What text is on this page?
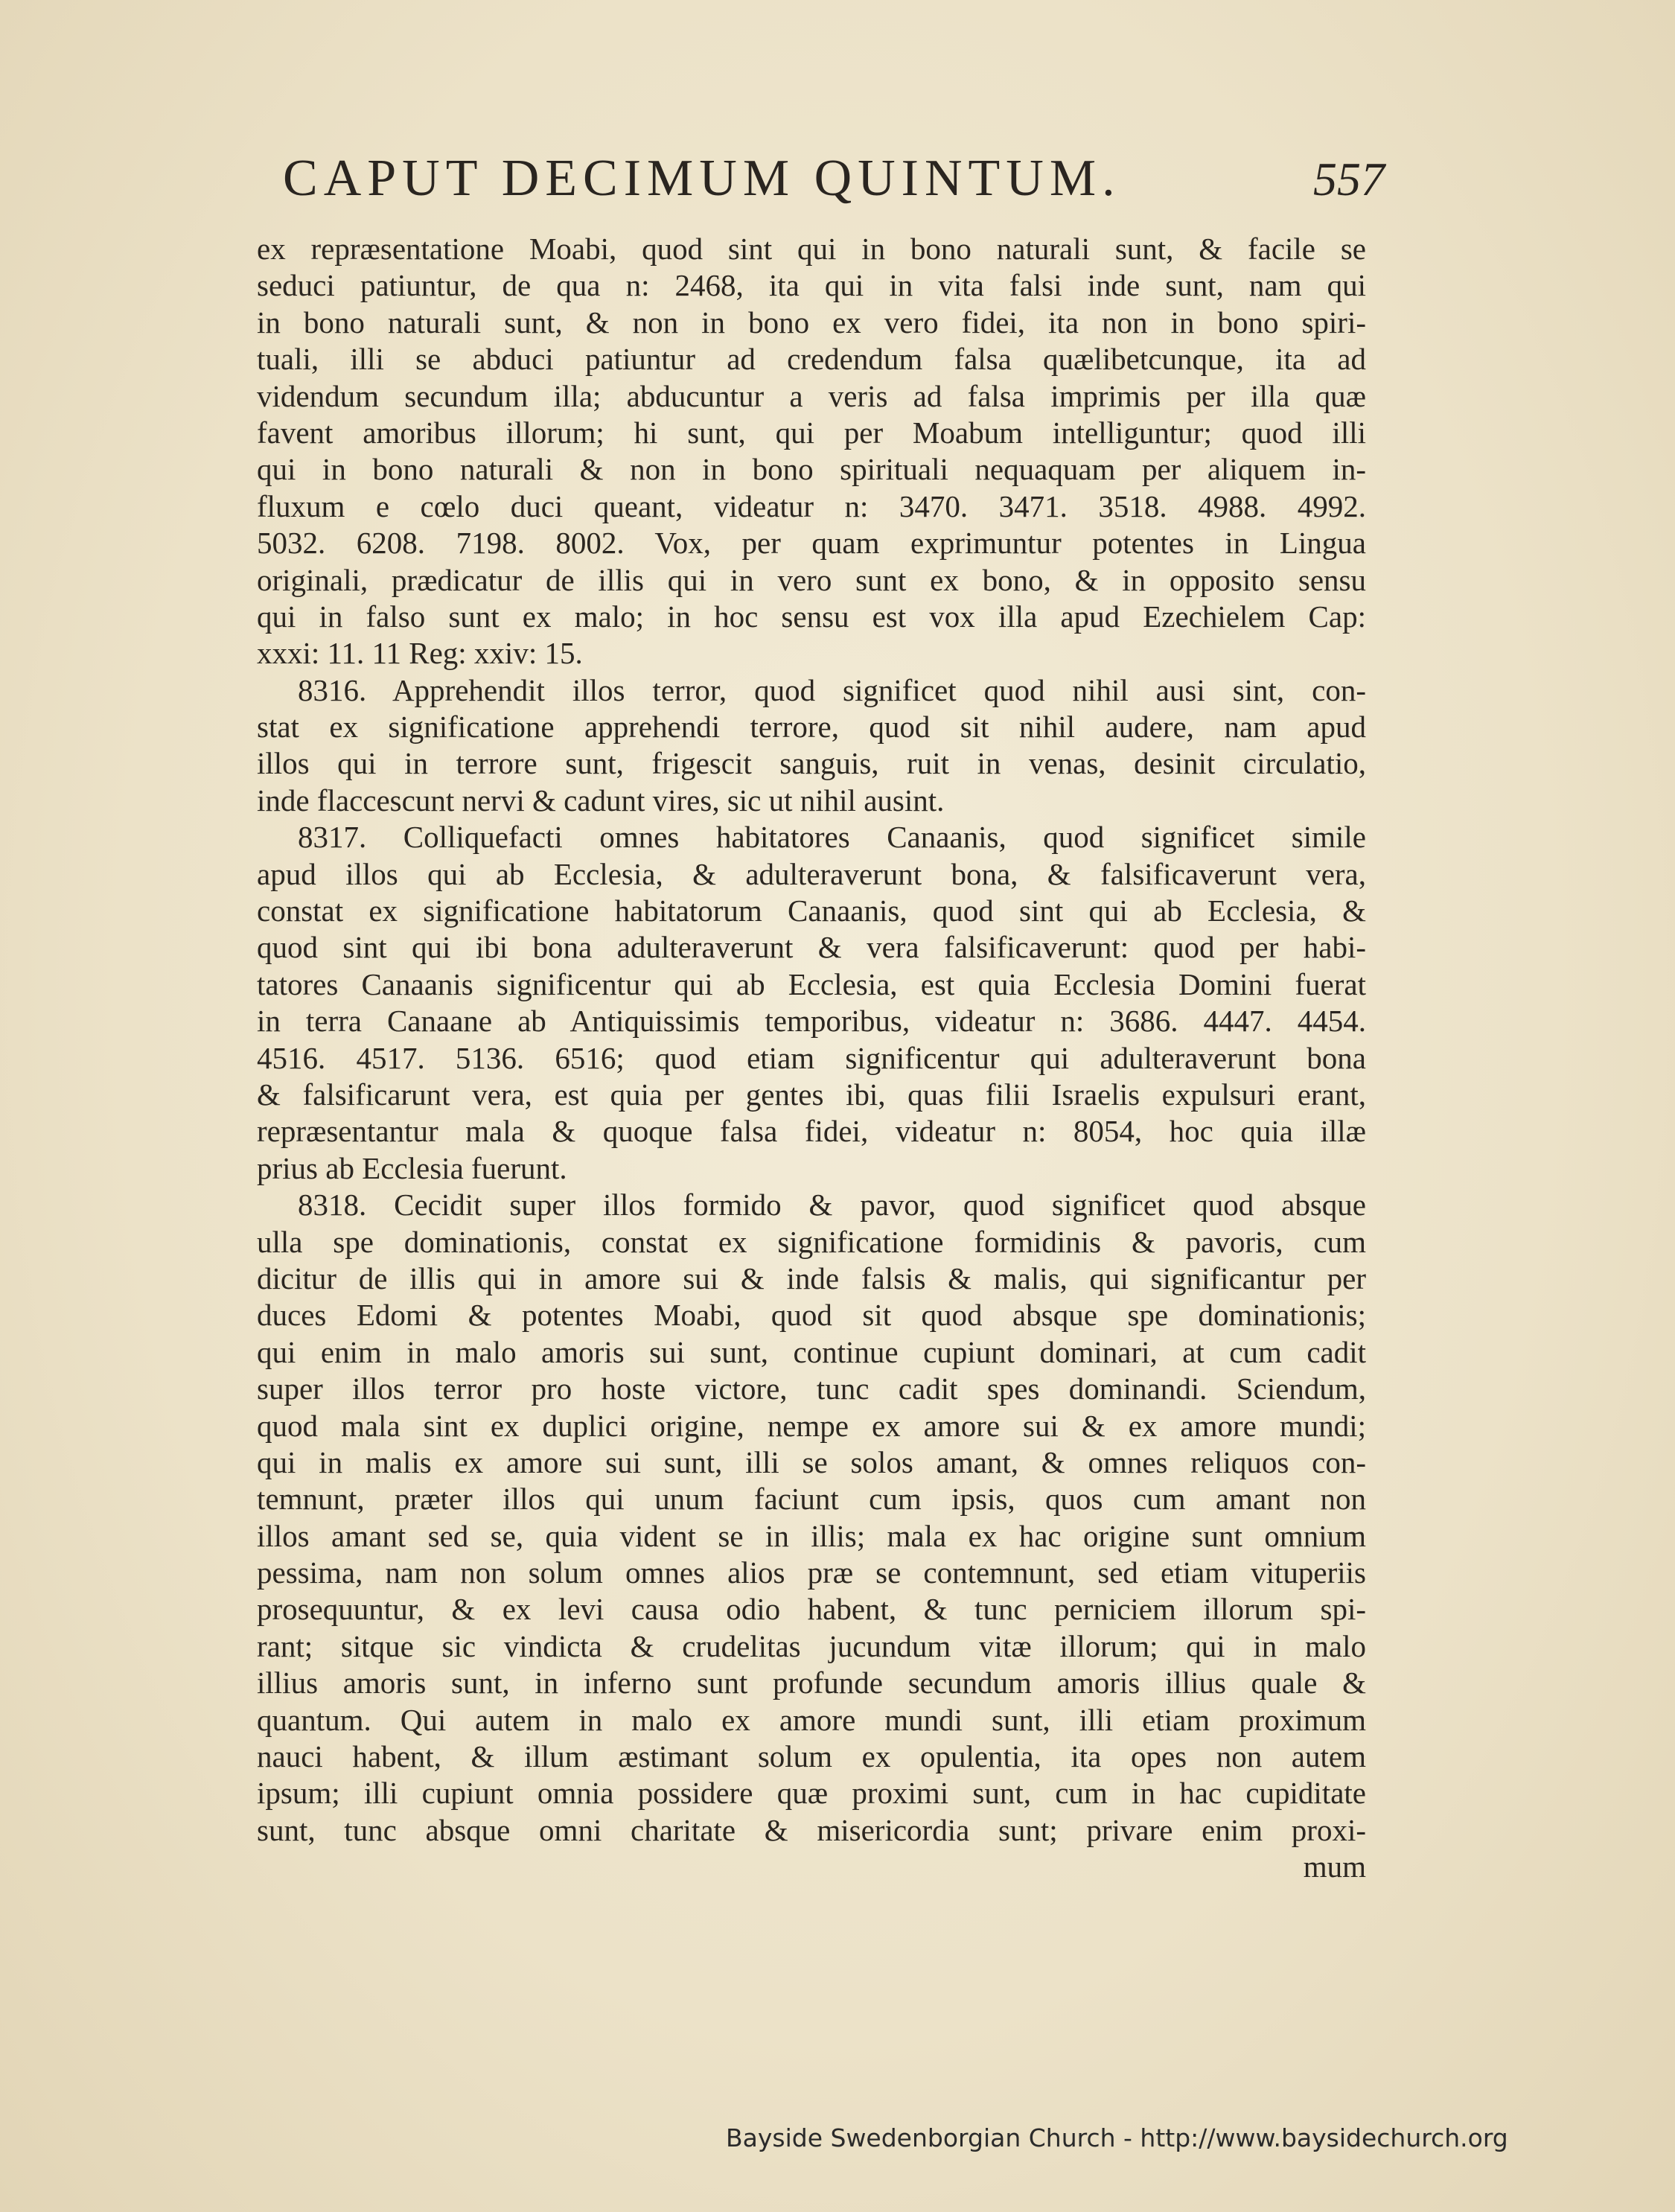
CAPUT DECIMUM QUINTUM.	557
ex repræsentatione Moabi, quod sint qui in bono naturali sunt, & facile se
seduci patiuntur, de qua n: 2468, ita qui in vita falsi inde sunt, nam qui
in bono naturali sunt, & non in bono ex vero fidei, ita non in bono spiri-
tuali, illi se abduci patiuntur ad credendum falsa quælibetcunque, ita ad
videndum secundum illa; abducuntur a veris ad falsa imprimis per illa quæ
favent amoribus illorum; hi sunt, qui per Moabum intelliguntur; quod illi
qui in bono naturali & non in bono spirituali nequaquam per aliquem in-
fluxum e cœlo duci queant, videatur n: 3470. 3471. 3518. 4988. 4992.
5032. 6208. 7198. 8002. Vox, per quam exprimuntur potentes in Lingua
originali, prædicatur de illis qui in vero sunt ex bono, & in opposito sensu
qui in falso sunt ex malo; in hoc sensu est vox illa apud Ezechielem Cap:
xxxi: 11. 11 Reg: xxiv: 15.
8316. Apprehendit illos terror, quod significet quod nihil ausi sint, con-
stat ex significatione apprehendi terrore, quod sit nihil audere, nam apud
illos qui in terrore sunt, frigescit sanguis, ruit in venas, desinit circulatio,
inde flaccescunt nervi & cadunt vires, sic ut nihil ausint.
8317. Colliquefacti omnes habitatores Canaanis, quod significet simile
apud illos qui ab Ecclesia, & adulteraverunt bona, & falsificaverunt vera,
constat ex significatione habitatorum Canaanis, quod sint qui ab Ecclesia, &
quod sint qui ibi bona adulteraverunt & vera falsificaverunt: quod per habi-
tatores Canaanis significentur qui ab Ecclesia, est quia Ecclesia Domini fuerat
in terra Canaane ab Antiquissimis temporibus, videatur n: 3686. 4447. 4454.
4516. 4517. 5136. 6516; quod etiam significentur qui adulteraverunt bona
& falsificarunt vera, est quia per gentes ibi, quas filii Israelis expulsuri erant,
repræsentantur mala & quoque falsa fidei, videatur n: 8054, hoc quia illæ
prius ab Ecclesia fuerunt.
8318. Cecidit super illos formido & pavor, quod significet quod absque
ulla spe dominationis, constat ex significatione formidinis & pavoris, cum
dicitur de illis qui in amore sui & inde falsis & malis, qui significantur per
duces Edomi & potentes Moabi, quod sit quod absque spe dominationis;
qui enim in malo amoris sui sunt, continue cupiunt dominari, at cum cadit
super illos terror pro hoste victore, tunc cadit spes dominandi. Sciendum,
quod mala sint ex duplici origine, nempe ex amore sui & ex amore mundi;
qui in malis ex amore sui sunt, illi se solos amant, & omnes reliquos con-
temnunt, præter illos qui unum faciunt cum ipsis, quos cum amant non
illos amant sed se, quia vident se in illis; mala ex hac origine sunt omnium
pessima, nam non solum omnes alios præ se contemnunt, sed etiam vituperiis
prosequuntur, & ex levi causa odio habent, & tunc perniciem illorum spi-
rant; sitque sic vindicta & crudelitas jucundum vitæ illorum; qui in malo
illius amoris sunt, in inferno sunt profunde secundum amoris illius quale &
quantum. Qui autem in malo ex amore mundi sunt, illi etiam proximum
nauci habent, & illum æstimant solum ex opulentia, ita opes non autem
ipsum; illi cupiunt omnia possidere quæ proximi sunt, cum in hac cupiditate
sunt, tunc absque omni charitate & misericordia sunt; privare enim proxi-
mum
Bayside Swedenborgian Church - http://www.baysidechurch.org
